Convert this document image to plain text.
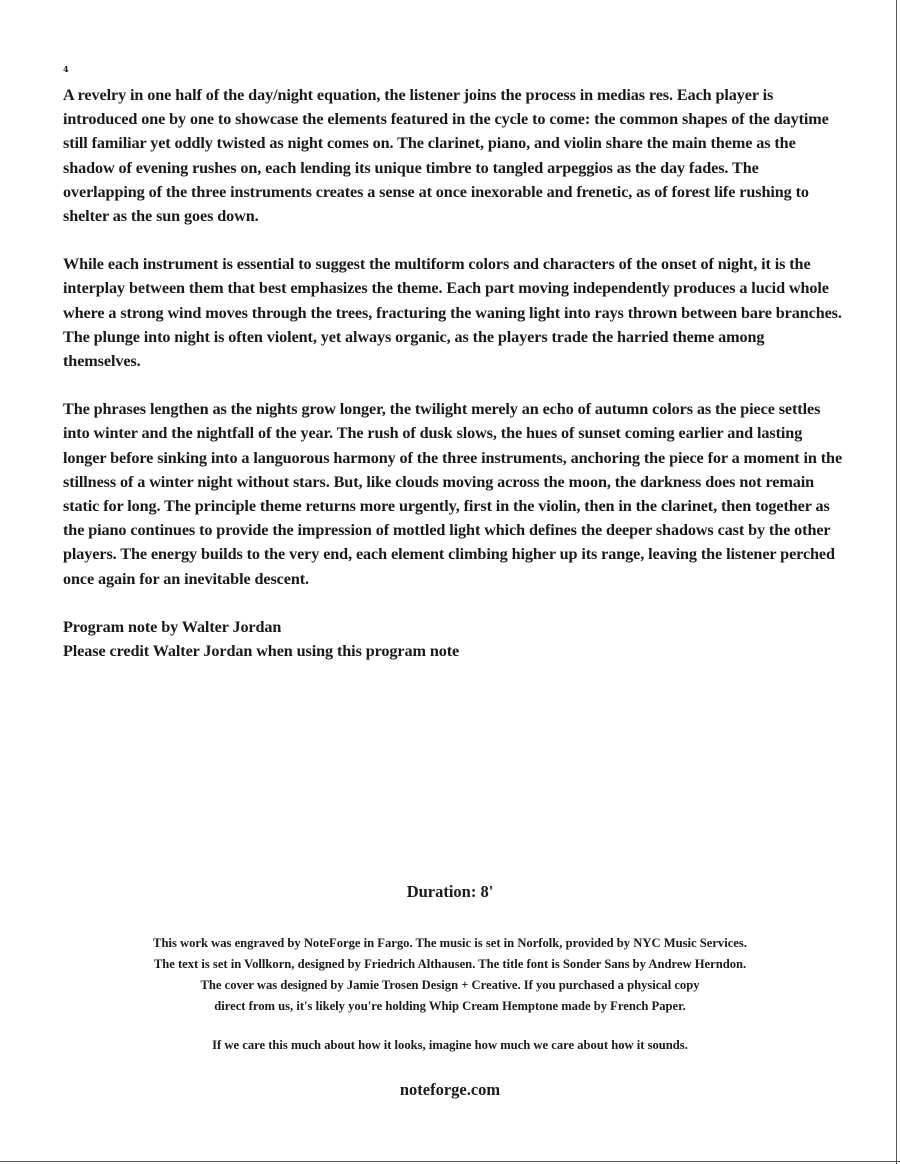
4

A revelry in one half of the day/night equation, the listener joins the process in medias res. Each player is introduced one by one to showcase the elements featured in the cycle to come: the common shapes of the daytime still familiar yet oddly twisted as night comes on. The clarinet, piano, and violin share the main theme as the shadow of evening rushes on, each lending its unique timbre to tangled arpeggios as the day fades. The overlapping of the three instruments creates a sense at once inexorable and frenetic, as of forest life rushing to shelter as the sun goes down.

While each instrument is essential to suggest the multiform colors and characters of the onset of night, it is the interplay between them that best emphasizes the theme. Each part moving independently produces a lucid whole where a strong wind moves through the trees, fracturing the waning light into rays thrown between bare branches. The plunge into night is often violent, yet always organic, as the players trade the harried theme among themselves.

The phrases lengthen as the nights grow longer, the twilight merely an echo of autumn colors as the piece settles into winter and the nightfall of the year. The rush of dusk slows, the hues of sunset coming earlier and lasting longer before sinking into a languorous harmony of the three instruments, anchoring the piece for a moment in the stillness of a winter night without stars. But, like clouds moving across the moon, the darkness does not remain static for long. The principle theme returns more urgently, first in the violin, then in the clarinet, then together as the piano continues to provide the impression of mottled light which defines the deeper shadows cast by the other players. The energy builds to the very end, each element climbing higher up its range, leaving the listener perched once again for an inevitable descent.

Program note by Walter Jordan

Please credit Walter Jordan when using this program note

Duration: 8'
This work was engraved by NoteForge in Fargo. The music is set in Norfolk, provided by NYC Music Services.
The text is set in Vollkorn, designed by Friedrich Althausen. The title font is Sonder Sans by Andrew Herndon.
The cover was designed by Jamie Trosen Design + Creative. If you purchased a physical copy
direct from us, it's likely you're holding Whip Cream Hemptone made by French Paper.
If we care this much about how it looks, imagine how much we care about how it sounds.
noteforge.com
